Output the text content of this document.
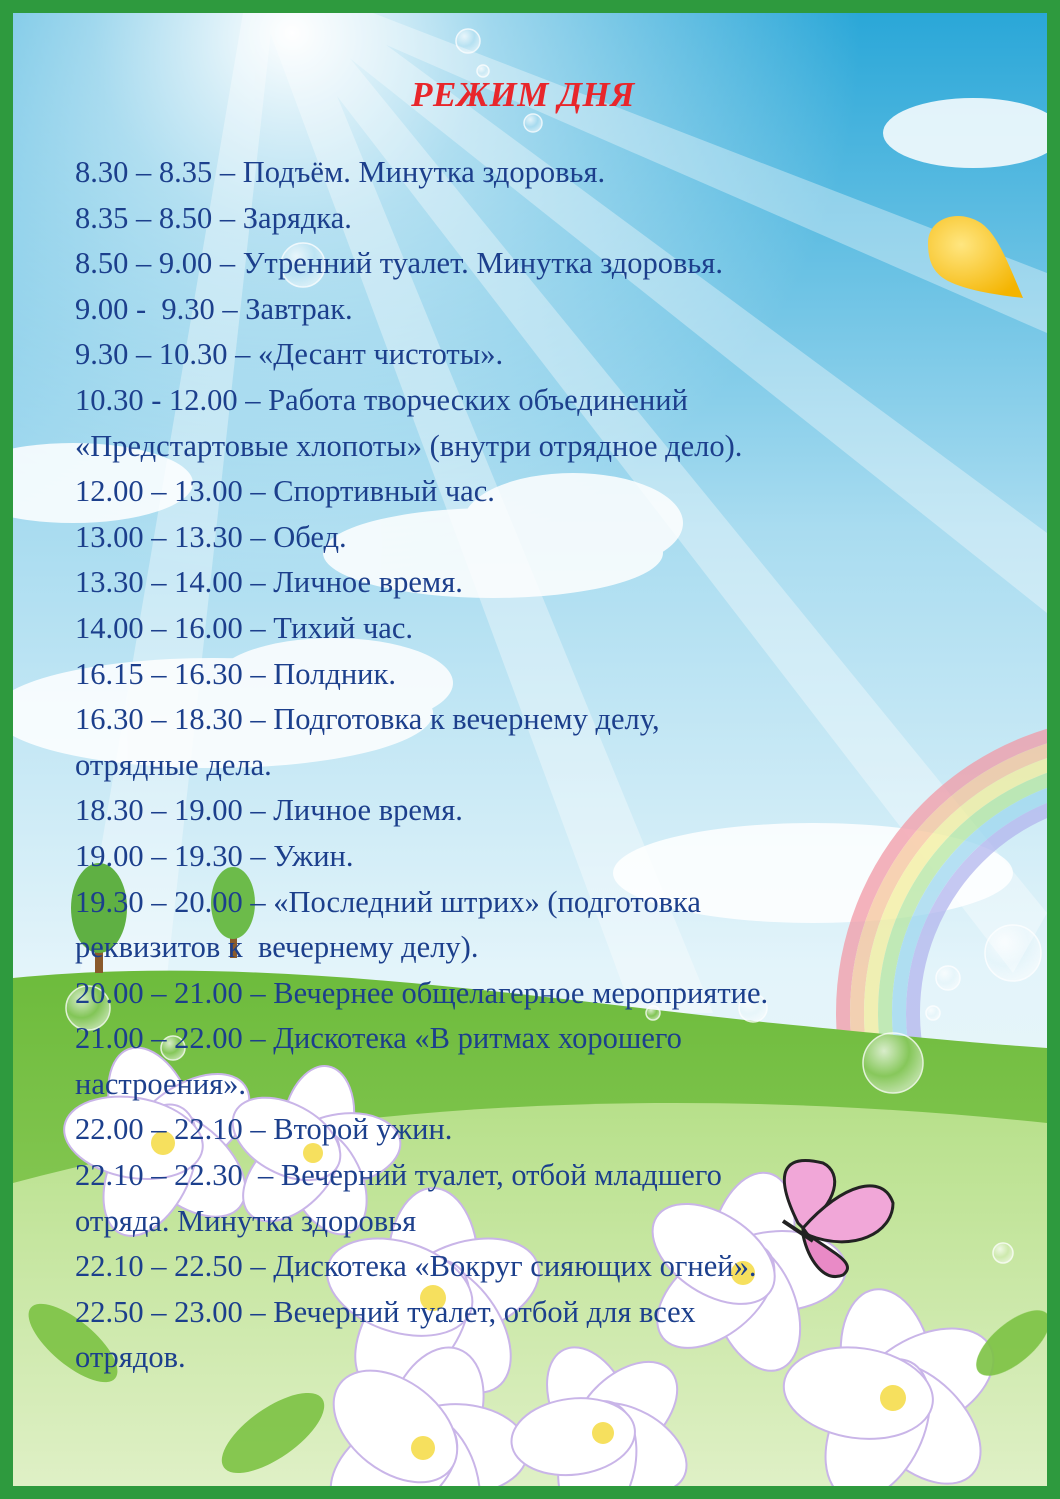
РЕЖИМ ДНЯ
8.30 – 8.35 – Подъём. Минутка здоровья.
8.35 – 8.50 – Зарядка.
8.50 – 9.00 – Утренний туалет. Минутка здоровья.
9.00 -  9.30 – Завтрак.
9.30 – 10.30 – «Десант чистоты».
10.30 - 12.00 – Работа творческих объединений
«Предстартовые хлопоты» (внутри отрядное дело).
12.00 – 13.00 – Спортивный час.
13.00 – 13.30 – Обед.
13.30 – 14.00 – Личное время.
14.00 – 16.00 – Тихий час.
16.15 – 16.30 – Полдник.
16.30 – 18.30 – Подготовка к вечернему делу,
отрядные дела.
18.30 – 19.00 – Личное время.
19.00 – 19.30 – Ужин.
19.30 – 20.00 – «Последний штрих» (подготовка
реквизитов к  вечернему делу).
20.00 – 21.00 – Вечернее общелагерное мероприятие.
21.00 – 22.00 – Дискотека «В ритмах хорошего
настроения».
22.00 – 22.10 – Второй ужин.
22.10 – 22.30  – Вечерний туалет, отбой младшего
отряда. Минутка здоровья
22.10 – 22.50 – Дискотека «Вокруг сияющих огней».
22.50 – 23.00 – Вечерний туалет, отбой для всех
отрядов.
